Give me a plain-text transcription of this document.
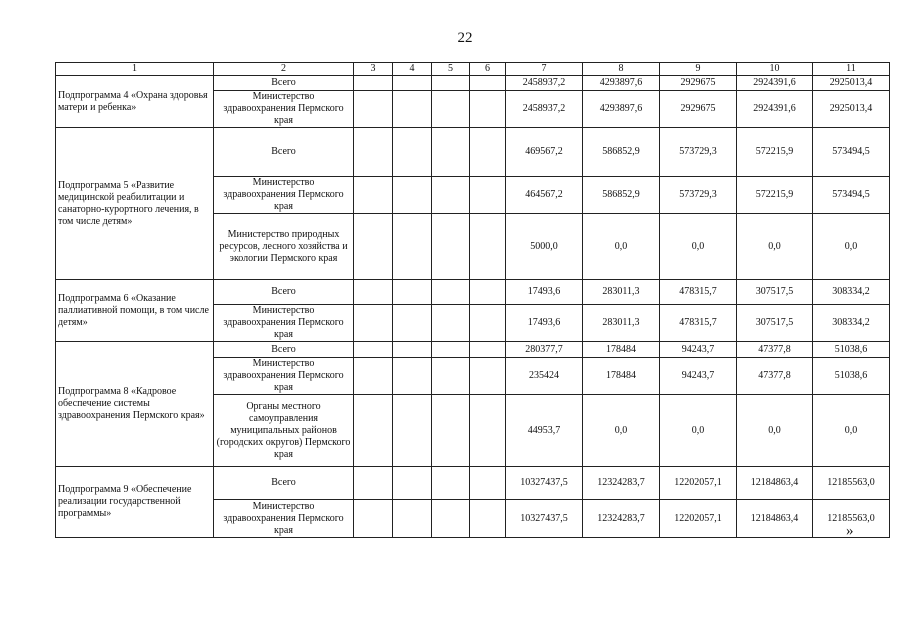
22
1	2	3	4	5	6	7	8	9	10	11
Подпрограмма 4 «Охрана здоровья матери и ребенка»	Всего					2458937,2	4293897,6	2929675	2924391,6	2925013,4
	Министерство здравоохранения Пермского края					2458937,2	4293897,6	2929675	2924391,6	2925013,4
Подпрограмма 5 «Развитие медицинской реабилитации и санаторно-курортного лечения, в том числе детям»	Всего					469567,2	586852,9	573729,3	572215,9	573494,5
	Министерство здравоохранения Пермского края					464567,2	586852,9	573729,3	572215,9	573494,5
	Министерство природных ресурсов, лесного хозяйства и экологии Пермского края					5000,0	0,0	0,0	0,0	0,0
Подпрограмма 6 «Оказание паллиативной помощи, в том числе детям»	Всего					17493,6	283011,3	478315,7	307517,5	308334,2
	Министерство здравоохранения Пермского края					17493,6	283011,3	478315,7	307517,5	308334,2
Подпрограмма 8 «Кадровое обеспечение системы здравоохранения Пермского края»	Всего					280377,7	178484	94243,7	47377,8	51038,6
	Министерство здравоохранения Пермского края					235424	178484	94243,7	47377,8	51038,6
	Органы местного самоуправления муниципальных районов (городских округов) Пермского края					44953,7	0,0	0,0	0,0	0,0
Подпрограмма 9 «Обеспечение реализации государственной программы»	Всего					10327437,5	12324283,7	12202057,1	12184863,4	12185563,0
	Министерство здравоохранения Пермского края					10327437,5	12324283,7	12202057,1	12184863,4	12185563,0
»
